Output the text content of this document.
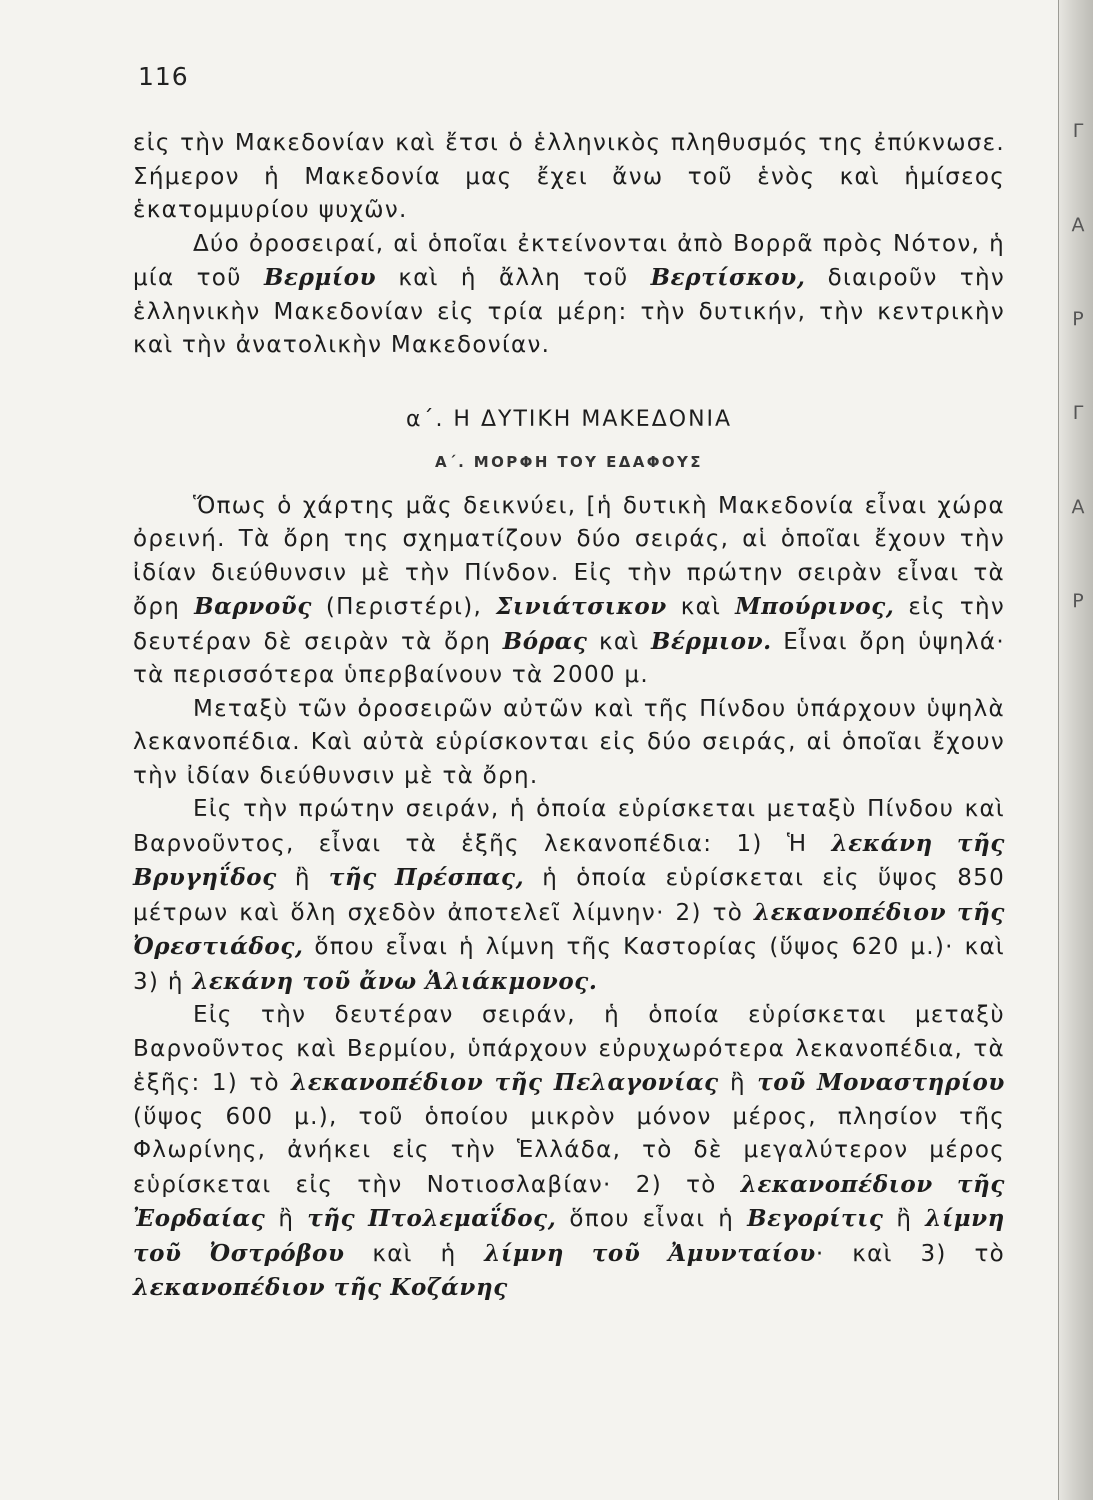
Γ
Α
Ρ
Γ
Α
Ρ
116

εἰς τὴν Μακεδονίαν καὶ ἔτσι ὁ ἑλληνικὸς πληθυσμός της ἐπύκνωσε. Σήμερον ἡ Μακεδονία μας ἔχει ἄνω τοῦ ἑνὸς καὶ ἡμίσεος ἑκατομμυρίου ψυχῶν.

Δύο ὀροσειραί, αἱ ὁποῖαι ἐκτείνονται ἀπὸ Βορρᾶ πρὸς Νότον, ἡ μία τοῦ Βερμίου καὶ ἡ ἄλλη τοῦ Βερτίσκου, διαιροῦν τὴν ἑλληνικὴν Μακεδονίαν εἰς τρία μέρη: τὴν δυτικήν, τὴν κεντρικὴν καὶ τὴν ἀνατολικὴν Μακεδονίαν.

α΄. Η ΔΥΤΙΚΗ ΜΑΚΕΔΟΝΙΑ
Α΄. ΜΟΡΦΗ ΤΟΥ ΕΔΑΦΟΥΣ

Ὅπως ὁ χάρτης μᾶς δεικνύει, [ἡ δυτικὴ Μακεδονία εἶναι χώρα ὀρεινή. Τὰ ὄρη της σχηματίζουν δύο σειράς, αἱ ὁποῖαι ἔχουν τὴν ἰδίαν διεύθυνσιν μὲ τὴν Πίνδον. Εἰς τὴν πρώτην σειρὰν εἶναι τὰ ὄρη Βαρνοῦς (Περιστέρι), Σινιάτσικον καὶ Μπούρινος, εἰς τὴν δευτέραν δὲ σειρὰν τὰ ὄρη Βόρας καὶ Βέρμιον. Εἶναι ὄρη ὑψηλά· τὰ περισσότερα ὑπερβαίνουν τὰ 2000 μ.

Μεταξὺ τῶν ὀροσειρῶν αὐτῶν καὶ τῆς Πίνδου ὑπάρχουν ὑψηλὰ λεκανοπέδια. Καὶ αὐτὰ εὑρίσκονται εἰς δύο σειράς, αἱ ὁποῖαι ἔχουν τὴν ἰδίαν διεύθυνσιν μὲ τὰ ὄρη.

Εἰς τὴν πρώτην σειράν, ἡ ὁποία εὑρίσκεται μεταξὺ Πίνδου καὶ Βαρνοῦντος, εἶναι τὰ ἑξῆς λεκανοπέδια: 1) Ἡ λεκάνη τῆς Βρυγηΐδος ἢ τῆς Πρέσπας, ἡ ὁποία εὑρίσκεται εἰς ὕψος 850 μέτρων καὶ ὅλη σχεδὸν ἀποτελεῖ λίμνην· 2) τὸ λεκανοπέδιον τῆς Ὀρεστιάδος, ὅπου εἶναι ἡ λίμνη τῆς Καστορίας (ὕψος 620 μ.)· καὶ 3) ἡ λεκάνη τοῦ ἄνω Ἁλιάκμονος.

Εἰς τὴν δευτέραν σειράν, ἡ ὁποία εὑρίσκεται μεταξὺ Βαρνοῦντος καὶ Βερμίου, ὑπάρχουν εὐρυχωρότερα λεκανοπέδια, τὰ ἑξῆς: 1) τὸ λεκανοπέδιον τῆς Πελαγονίας ἢ τοῦ Μοναστηρίου (ὕψος 600 μ.), τοῦ ὁποίου μικρὸν μόνον μέρος, πλησίον τῆς Φλωρίνης, ἀνήκει εἰς τὴν Ἑλλάδα, τὸ δὲ μεγαλύτερον μέρος εὑρίσκεται εἰς τὴν Νοτιοσλαβίαν· 2) τὸ λεκανοπέδιον τῆς Ἐορδαίας ἢ τῆς Πτολεμαΐδος, ὅπου εἶναι ἡ Βεγορίτις ἢ λίμνη τοῦ Ὀστρόβου καὶ ἡ λίμνη τοῦ Ἀμυνταίου· καὶ 3) τὸ λεκανοπέδιον τῆς Κοζάνης
